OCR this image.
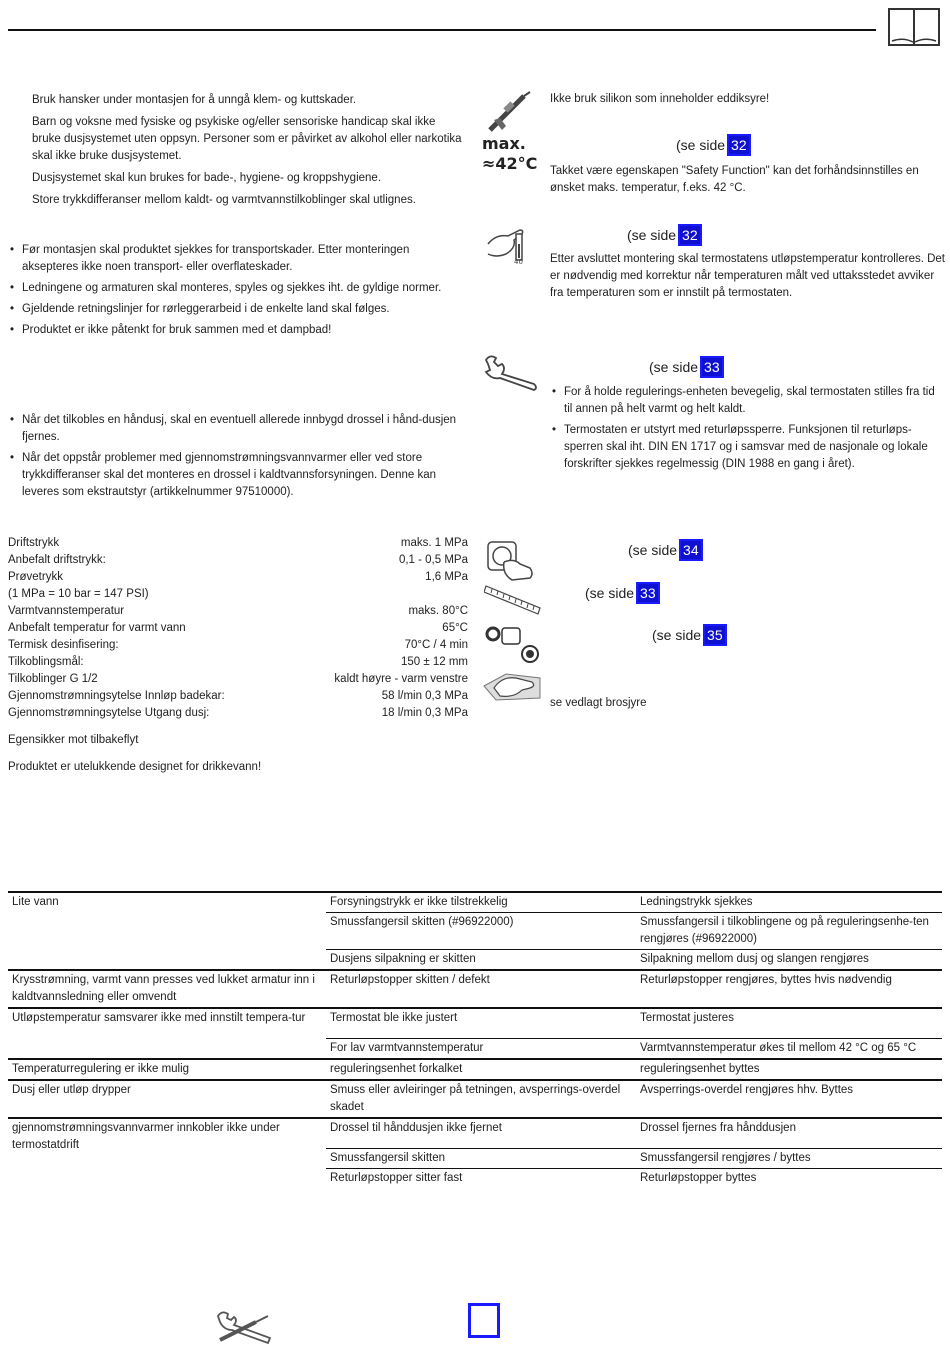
Bruk hansker under montasjen for å unngå klem- og kuttskader.

Barn og voksne med fysiske og psykiske og/eller sensoriske handicap skal ikke bruke dusjsystemet uten oppsyn. Personer som er påvirket av alkohol eller narkotika skal ikke bruke dusjsystemet.

Dusjsystemet skal kun brukes for bade-, hygiene- og kroppshygiene.

Store trykkdifferanser mellom kaldt- og varmtvannstilkoblinger skal utlignes.

• Før montasjen skal produktet sjekkes for transportskader. Etter monteringen aksepteres ikke noen transport- eller overflateskader.
• Ledningene og armaturen skal monteres, spyles og sjekkes iht. de gyldige normer.
• Gjeldende retningslinjer for rørleggerarbeid i de enkelte land skal følges.
• Produktet er ikke påtenkt for bruk sammen med et dampbad!
• Når det tilkobles en håndusj, skal en eventuell allerede innbygd drossel i hånd-dusjen fjernes.
• Når det oppstår problemer med gjennomstrømningsvannvarmer eller ved store trykkdifferanser skal det monteres en drossel i kaldtvannsforsyningen. Denne kan leveres som ekstrautstyr (artikkelnummer 97510000).
Driftstrykk	maks. 1 MPa
Anbefalt driftstrykk:	0,1 - 0,5 MPa
Prøvetrykk	1,6 MPa
(1 MPa = 10 bar = 147 PSI)
Varmtvannstemperatur	maks. 80°C
Anbefalt temperatur for varmt vann	65°C
Termisk desinfisering:	70°C / 4 min
Tilkoblingsmål:	150 ± 12 mm
Tilkoblinger G 1/2	kaldt høyre - varm venstre
Gjennomstrømningsytelse Innløp badekar:	58 l/min 0,3 MPa
Gjennomstrømningsytelse Utgang dusj:	18 l/min 0,3 MPa

Egensikker mot tilbakeflyt

Produktet er utelukkende designet for drikkevann!

max.
≈42°C
40

Ikke bruk silikon som inneholder eddiksyre!

(se side 32

Takket være egenskapen "Safety Function" kan det forhåndsinnstilles en ønsket maks. temperatur, f.eks. 42 °C.

(se side 32

Etter avsluttet montering skal termostatens utløpstemperatur kontrolleres. Det er nødvendig med korrektur når temperaturen målt ved uttaksstedet avviker fra temperaturen som er innstilt på termostaten.

(se side 33
• For å holde regulerings-enheten bevegelig, skal termostaten stilles fra tid til annen på helt varmt og helt kaldt.
• Termostaten er utstyrt med returløpssperre. Funksjonen til returløps-sperren skal iht. DIN EN 1717 og i samsvar med de nasjonale og lokale forskrifter sjekkes regelmessig (DIN 1988 en gang i året).
(se side 34
(se side 33
(se side 35

se vedlagt brosjyre

Lite vann	Forsyningstrykk er ikke tilstrekkelig	Ledningstrykk sjekkes
	Smussfangersil skitten (#96922000)	Smussfangersil i tilkoblingene og på reguleringsenhe-ten rengjøres (#96922000)
	Dusjens silpakning er skitten	Silpakning mellom dusj og slangen rengjøres
Krysstrømning, varmt vann presses ved lukket armatur inn i kaldtvannsledning eller omvendt	Returløpstopper skitten / defekt	Returløpstopper rengjøres, byttes hvis nødvendig
Utløpstemperatur samsvarer ikke med innstilt tempera-tur	Termostat ble ikke justert	Termostat justeres
	For lav varmtvannstemperatur	Varmtvannstemperatur økes til mellom 42 °C og 65 °C
Temperaturregulering er ikke mulig	reguleringsenhet forkalket	reguleringsenhet byttes
Dusj eller utløp drypper	Smuss eller avleiringer på tetningen, avsperrings-overdel skadet	Avsperrings-overdel rengjøres hhv. Byttes
gjennomstrømningsvannvarmer innkobler ikke under termostatdrift	Drossel til hånddusjen ikke fjernet	Drossel fjernes fra hånddusjen
	Smussfangersil skitten	Smussfangersil rengjøres / byttes
	Returløpstopper sitter fast	Returløpstopper byttes
